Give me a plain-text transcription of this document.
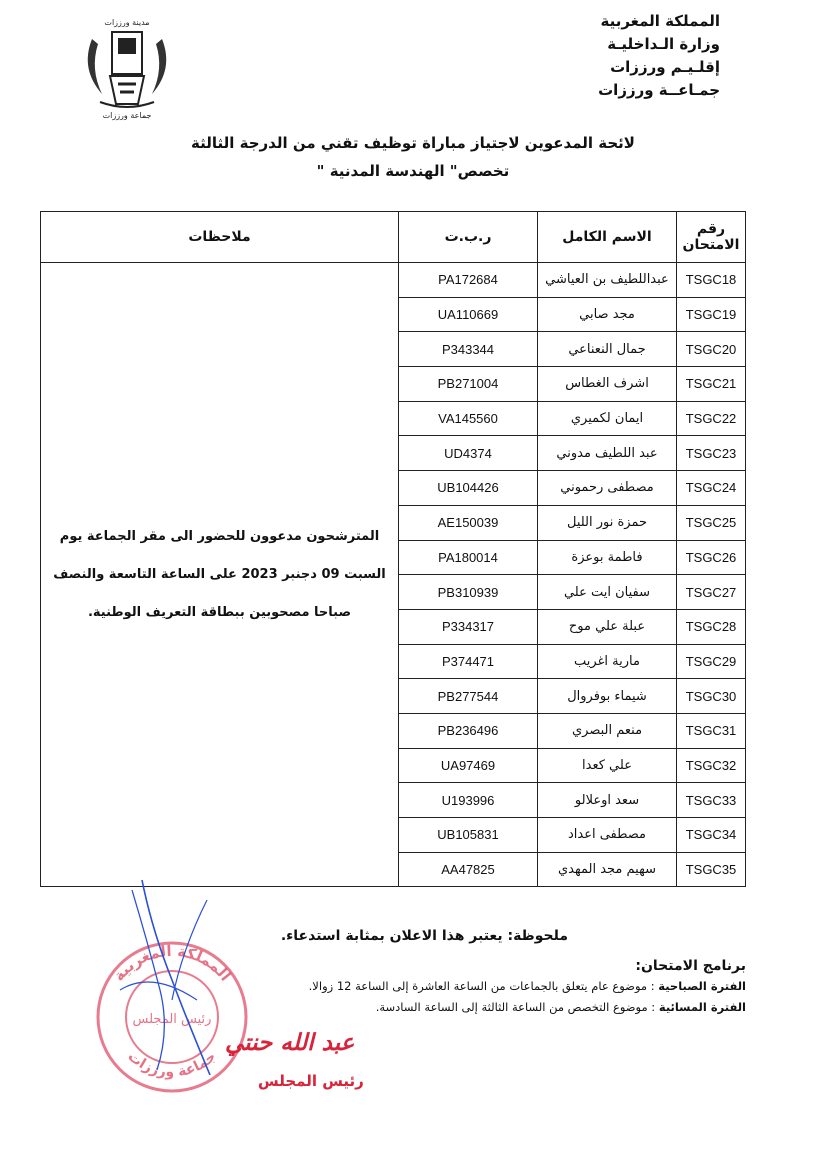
مدينة ورززات
جماعة ورززات
المملكة المغربية
وزارة الـداخليـة
إقلـيـم ورززات
جمـاعــة ورززات
لائحة المدعوين لاجتياز مباراة توظيف تقني من الدرجة الثالثة
تخصص" الهندسة المدنية "
رقم الامتحان	الاسم الكامل	ر.ب.ت	ملاحظات
TSGC18	عبداللطيف بن العياشي	PA172684	المترشحون مدعوون للحضور الى مقر الجماعة يوم السبت 09 دجنبر 2023 على الساعة التاسعة والنصف صباحا مصحوبين ببطاقة التعريف الوطنية.
TSGC19	مجد صابي	UA110669	
TSGC20	جمال النعناعي	P343344	
TSGC21	اشرف الغطاس	PB271004	
TSGC22	ايمان لكميري	VA145560	
TSGC23	عبد اللطيف مدوني	UD4374	
TSGC24	مصطفى رحموني	UB104426	
TSGC25	حمزة نور الليل	AE150039	
TSGC26	فاطمة بوعزة	PA180014	
TSGC27	سفيان ايت علي	PB310939	
TSGC28	عبلة علي موح	P334317	
TSGC29	مارية اغريب	P374471	
TSGC30	شيماء بوفروال	PB277544	
TSGC31	منعم البصري	PB236496	
TSGC32	علي كعدا	UA97469	
TSGC33	سعد اوعلالو	U193996	
TSGC34	مصطفى اعداد	UB105831	
TSGC35	سهيم مجد المهدي	AA47825	
ملحوظة: يعتبر هذا الاعلان بمثابة استدعاء.
برنامج الامتحان:
الفترة الصباحية : موضوع عام يتعلق بالجماعات من الساعة العاشرة إلى الساعة 12 زوالا.
الفترة المسائية : موضوع التخصص من الساعة الثالثة إلى الساعة السادسة.
المملكة المغربية
رئيس المجلس
جماعة ورززات
عبد الله حنتي
رئيس المجلس
